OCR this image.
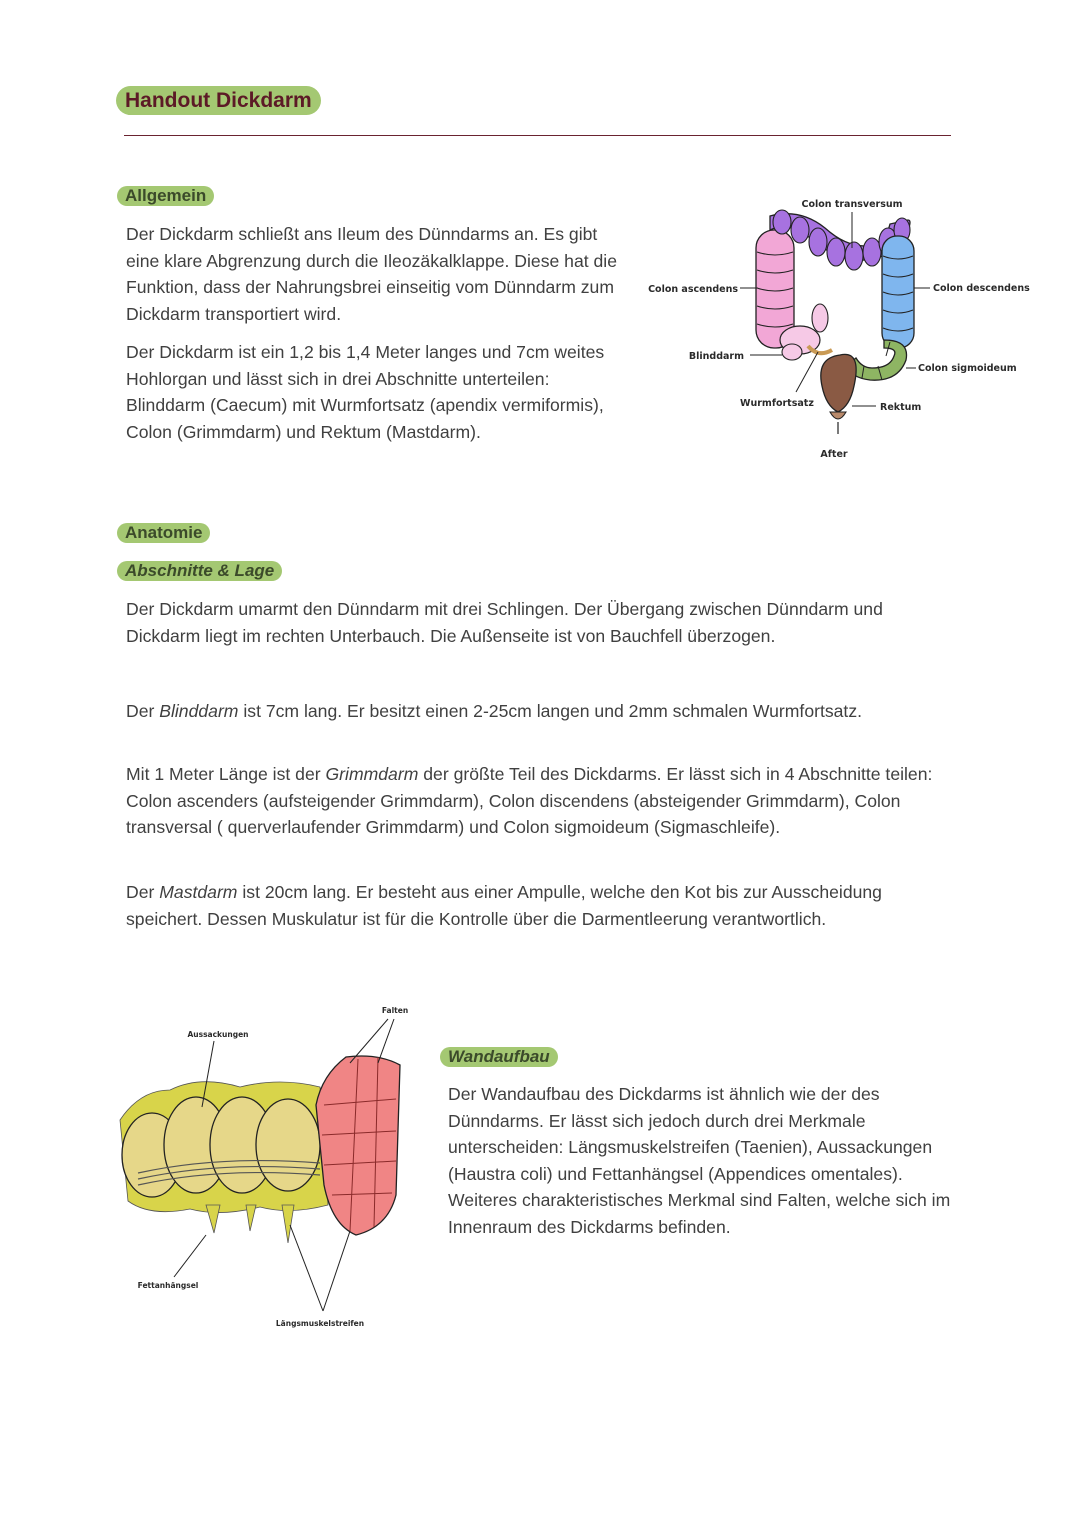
Handout Dickdarm
Allgemein

Der Dickdarm schließt ans Ileum des Dünndarms an. Es gibt eine klare Abgrenzung durch die Ileozäkalklappe. Diese hat die Funktion, dass der Nahrungsbrei einseitig vom Dünndarm zum Dickdarm transportiert wird.

Der Dickdarm ist ein 1,2 bis 1,4 Meter langes und 7cm weites Hohlorgan und lässt sich in drei Abschnitte unterteilen: Blinddarm (Caecum) mit Wurmfortsatz (apendix vermiformis), Colon (Grimmdarm) und Rektum (Mastdarm).

Colon transversum
Colon ascendens	Colon descendens
Blinddarm
Colon sigmoideum
Wurmfortsatz	Rektum
After
Anatomie
Abschnitte & Lage

Der Dickdarm umarmt den Dünndarm mit drei Schlingen. Der Übergang zwischen Dünndarm und Dickdarm liegt im rechten Unterbauch. Die Außenseite ist von Bauchfell überzogen.

Der Blinddarm ist 7cm lang. Er besitzt einen 2-25cm langen und 2mm schmalen Wurmfortsatz.

Mit 1 Meter Länge ist der Grimmdarm der größte Teil des Dickdarms. Er lässt sich in 4 Abschnitte teilen: Colon ascenders (aufsteigender Grimmdarm), Colon discendens (absteigender Grimmdarm), Colon transversal ( querverlaufender Grimmdarm) und Colon sigmoideum (Sigmaschleife).

Der Mastdarm ist 20cm lang. Er besteht aus einer Ampulle, welche den Kot bis zur Ausscheidung speichert. Dessen Muskulatur ist für die Kontrolle über die Darmentleerung verantwortlich.

Falten
Aussackungen
Fettanhängsel
Längsmuskelstreifen
Wandaufbau

Der Wandaufbau des Dickdarms ist ähnlich wie der des Dünndarms. Er lässt sich jedoch durch drei Merkmale unterscheiden: Längsmuskelstreifen (Taenien), Aussackungen (Haustra coli) und Fettanhängsel (Appendices omentales). Weiteres charakteristisches Merkmal sind Falten, welche sich im Innenraum des Dickdarms befinden.
